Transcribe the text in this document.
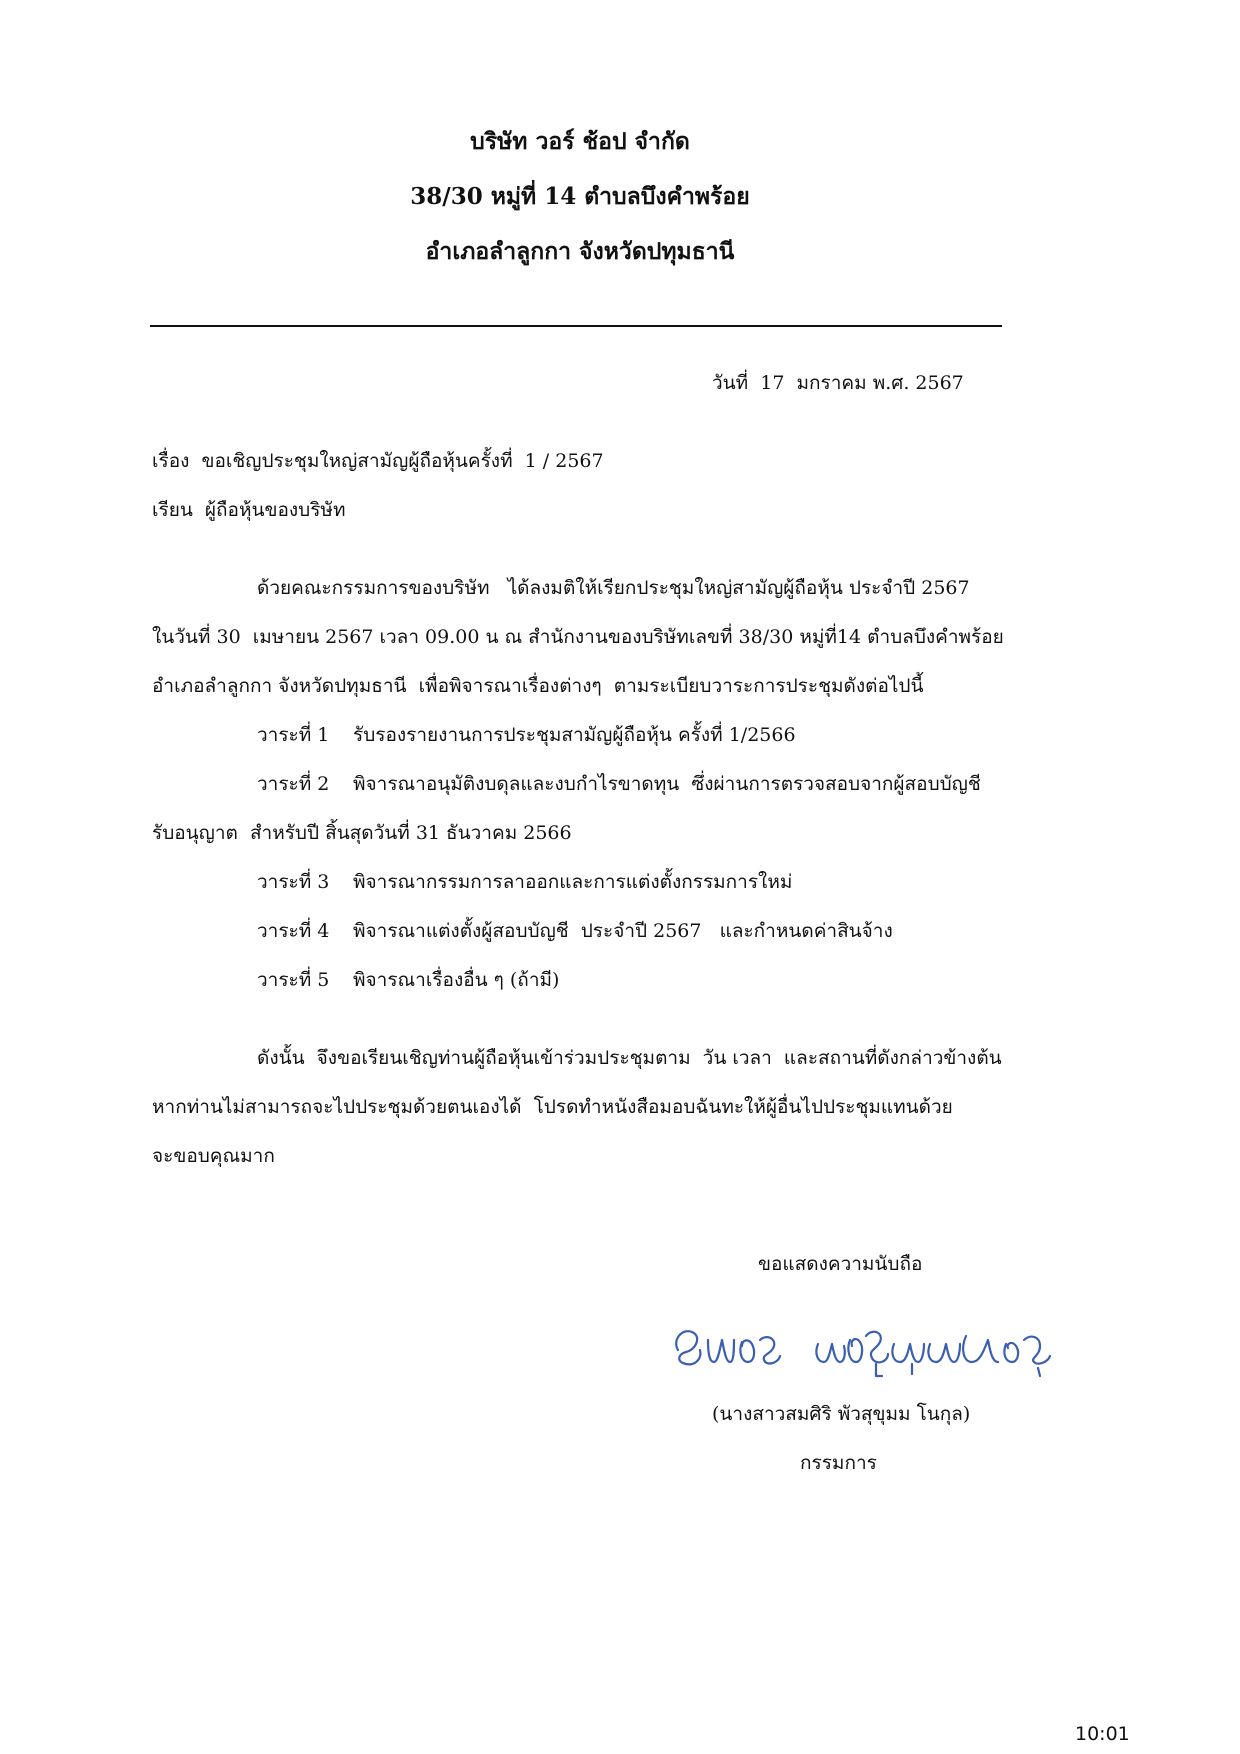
บริษัท วอร์ ช้อป จำกัด
38/30 หมู่ที่ 14 ตำบลบึงคำพร้อย
อำเภอลำลูกกา จังหวัดปทุมธานี
วันที่  17  มกราคม พ.ศ. 2567
เรื่อง ขอเชิญประชุมใหญ่สามัญผู้ถือหุ้นครั้งที่  1 / 2567
เรียน ผู้ถือหุ้นของบริษัท
ด้วยคณะกรรมการของบริษัท   ได้ลงมติให้เรียกประชุมใหญ่สามัญผู้ถือหุ้น ประจำปี 2567
ในวันที่ 30  เมษายน 2567 เวลา 09.00 น ณ สำนักงานของบริษัทเลขที่ 38/30 หมู่ที่14 ตำบลบึงคำพร้อย
อำเภอลำลูกกา จังหวัดปทุมธานี  เพื่อพิจารณาเรื่องต่างๆ  ตามระเบียบวาระการประชุมดังต่อไปนี้
วาระที่ 1 รับรองรายงานการประชุมสามัญผู้ถือหุ้น ครั้งที่ 1/2566
วาระที่ 2 พิจารณาอนุมัติงบดุลและงบกำไรขาดทุน  ซึ่งผ่านการตรวจสอบจากผู้สอบบัญชี
รับอนุญาต  สำหรับปี สิ้นสุดวันที่ 31 ธันวาคม 2566
วาระที่ 3 พิจารณากรรมการลาออกและการแต่งตั้งกรรมการใหม่
วาระที่ 4 พิจารณาแต่งตั้งผู้สอบบัญชี  ประจำปี 2567   และกำหนดค่าสินจ้าง
วาระที่ 5 พิจารณาเรื่องอื่น ๆ (ถ้ามี)
ดังนั้น  จึงขอเรียนเชิญท่านผู้ถือหุ้นเข้าร่วมประชุมตาม  วัน เวลา  และสถานที่ดังกล่าวข้างต้น
หากท่านไม่สามารถจะไปประชุมด้วยตนเองได้  โปรดทำหนังสือมอบฉันทะให้ผู้อื่นไปประชุมแทนด้วย
จะขอบคุณมาก
ขอแสดงความนับถือ
(นางสาวสมศิริ พัวสุขุมม โนกุล)
กรรมการ
10:01
